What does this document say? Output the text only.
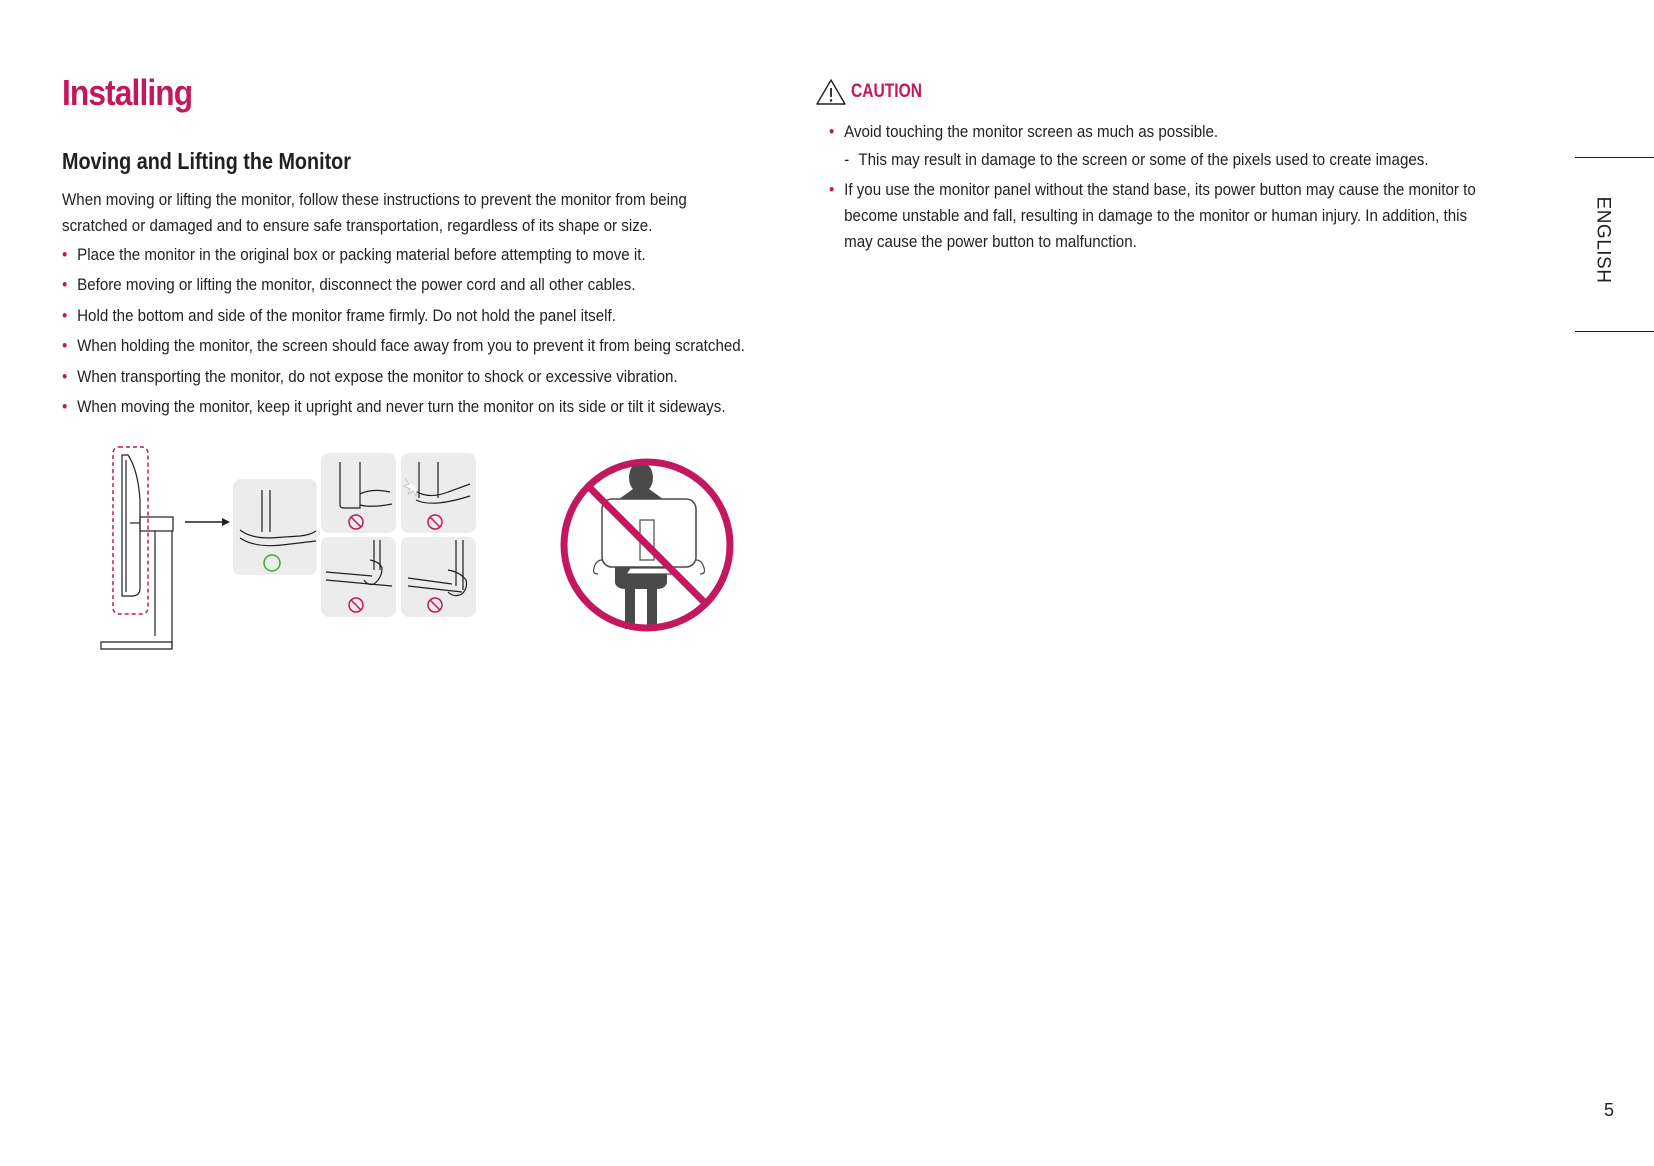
Installing
Moving and Lifting the Monitor

When moving or lifting the monitor, follow these instructions to prevent the monitor from being scratched or damaged and to ensure safe transportation, regardless of its shape or size.

• Place the monitor in the original box or packing material before attempting to move it.
• Before moving or lifting the monitor, disconnect the power cord and all other cables.
• Hold the bottom and side of the monitor frame firmly. Do not hold the panel itself.
• When holding the monitor, the screen should face away from you to prevent it from being scratched.
• When transporting the monitor, do not expose the monitor to shock or excessive vibration.
• When moving the monitor, keep it upright and never turn the monitor on its side or tilt it sideways.
CAUTION
• Avoid touching the monitor screen as much as possible.
- This may result in damage to the screen or some of the pixels used to create images.
• If you use the monitor panel without the stand base, its power button may cause the monitor to become unstable and fall, resulting in damage to the monitor or human injury. In addition, this may cause the power button to malfunction.	ENGLISH
5
